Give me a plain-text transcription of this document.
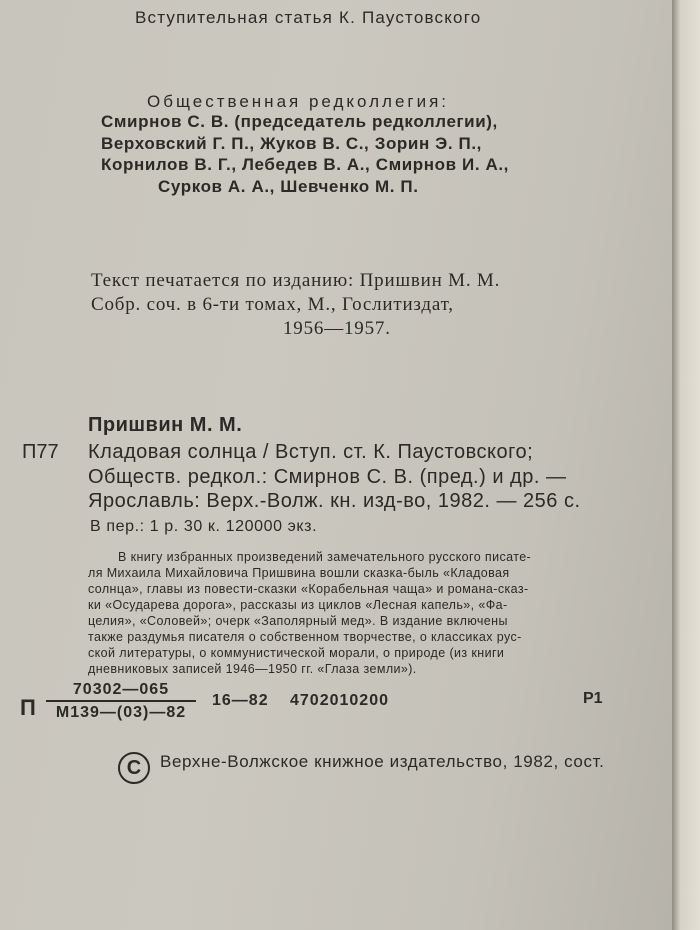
Вступительная статья К. Паустовского
Общественная редколлегия:
Смирнов С. В. (председатель редколлегии),
Верховский Г. П., Жуков В. С., Зорин Э. П.,
Корнилов В. Г., Лебедев В. А., Смирнов И. А.,
Сурков А. А., Шевченко М. П.
Текст печатается по изданию: Пришвин М. М.
Собр. соч. в 6-ти томах, М., Гослитиздат,
1956—1957.
Пришвин М. М.
П77 Кладовая солнца / Вступ. ст. К. Паустовского;
Обществ. редкол.: Смирнов С. В. (пред.) и др. —
Ярославль: Верх.-Волж. кн. изд-во, 1982. — 256 с.
В пер.: 1 р. 30 к. 120000 экз.
В книгу избранных произведений замечательного русского писате-
ля Михаила Михайловича Пришвина вошли сказка-быль «Кладовая
солнца», главы из повести-сказки «Корабельная чаща» и романа-сказ-
ки «Осударева дорога», рассказы из циклов «Лесная капель», «Фа-
целия», «Соловей»; очерк «Заполярный мед». В издание включены
также раздумья писателя о собственном творчестве, о классиках рус-
ской литературы, о коммунистической морали, о природе (из книги
дневниковых записей 1946—1950 гг. «Глаза земли»).
П
70302—065
М139—(03)—82
16—82 4702010200	Р1
C	Верхне-Волжское книжное издательство, 1982, сост.
